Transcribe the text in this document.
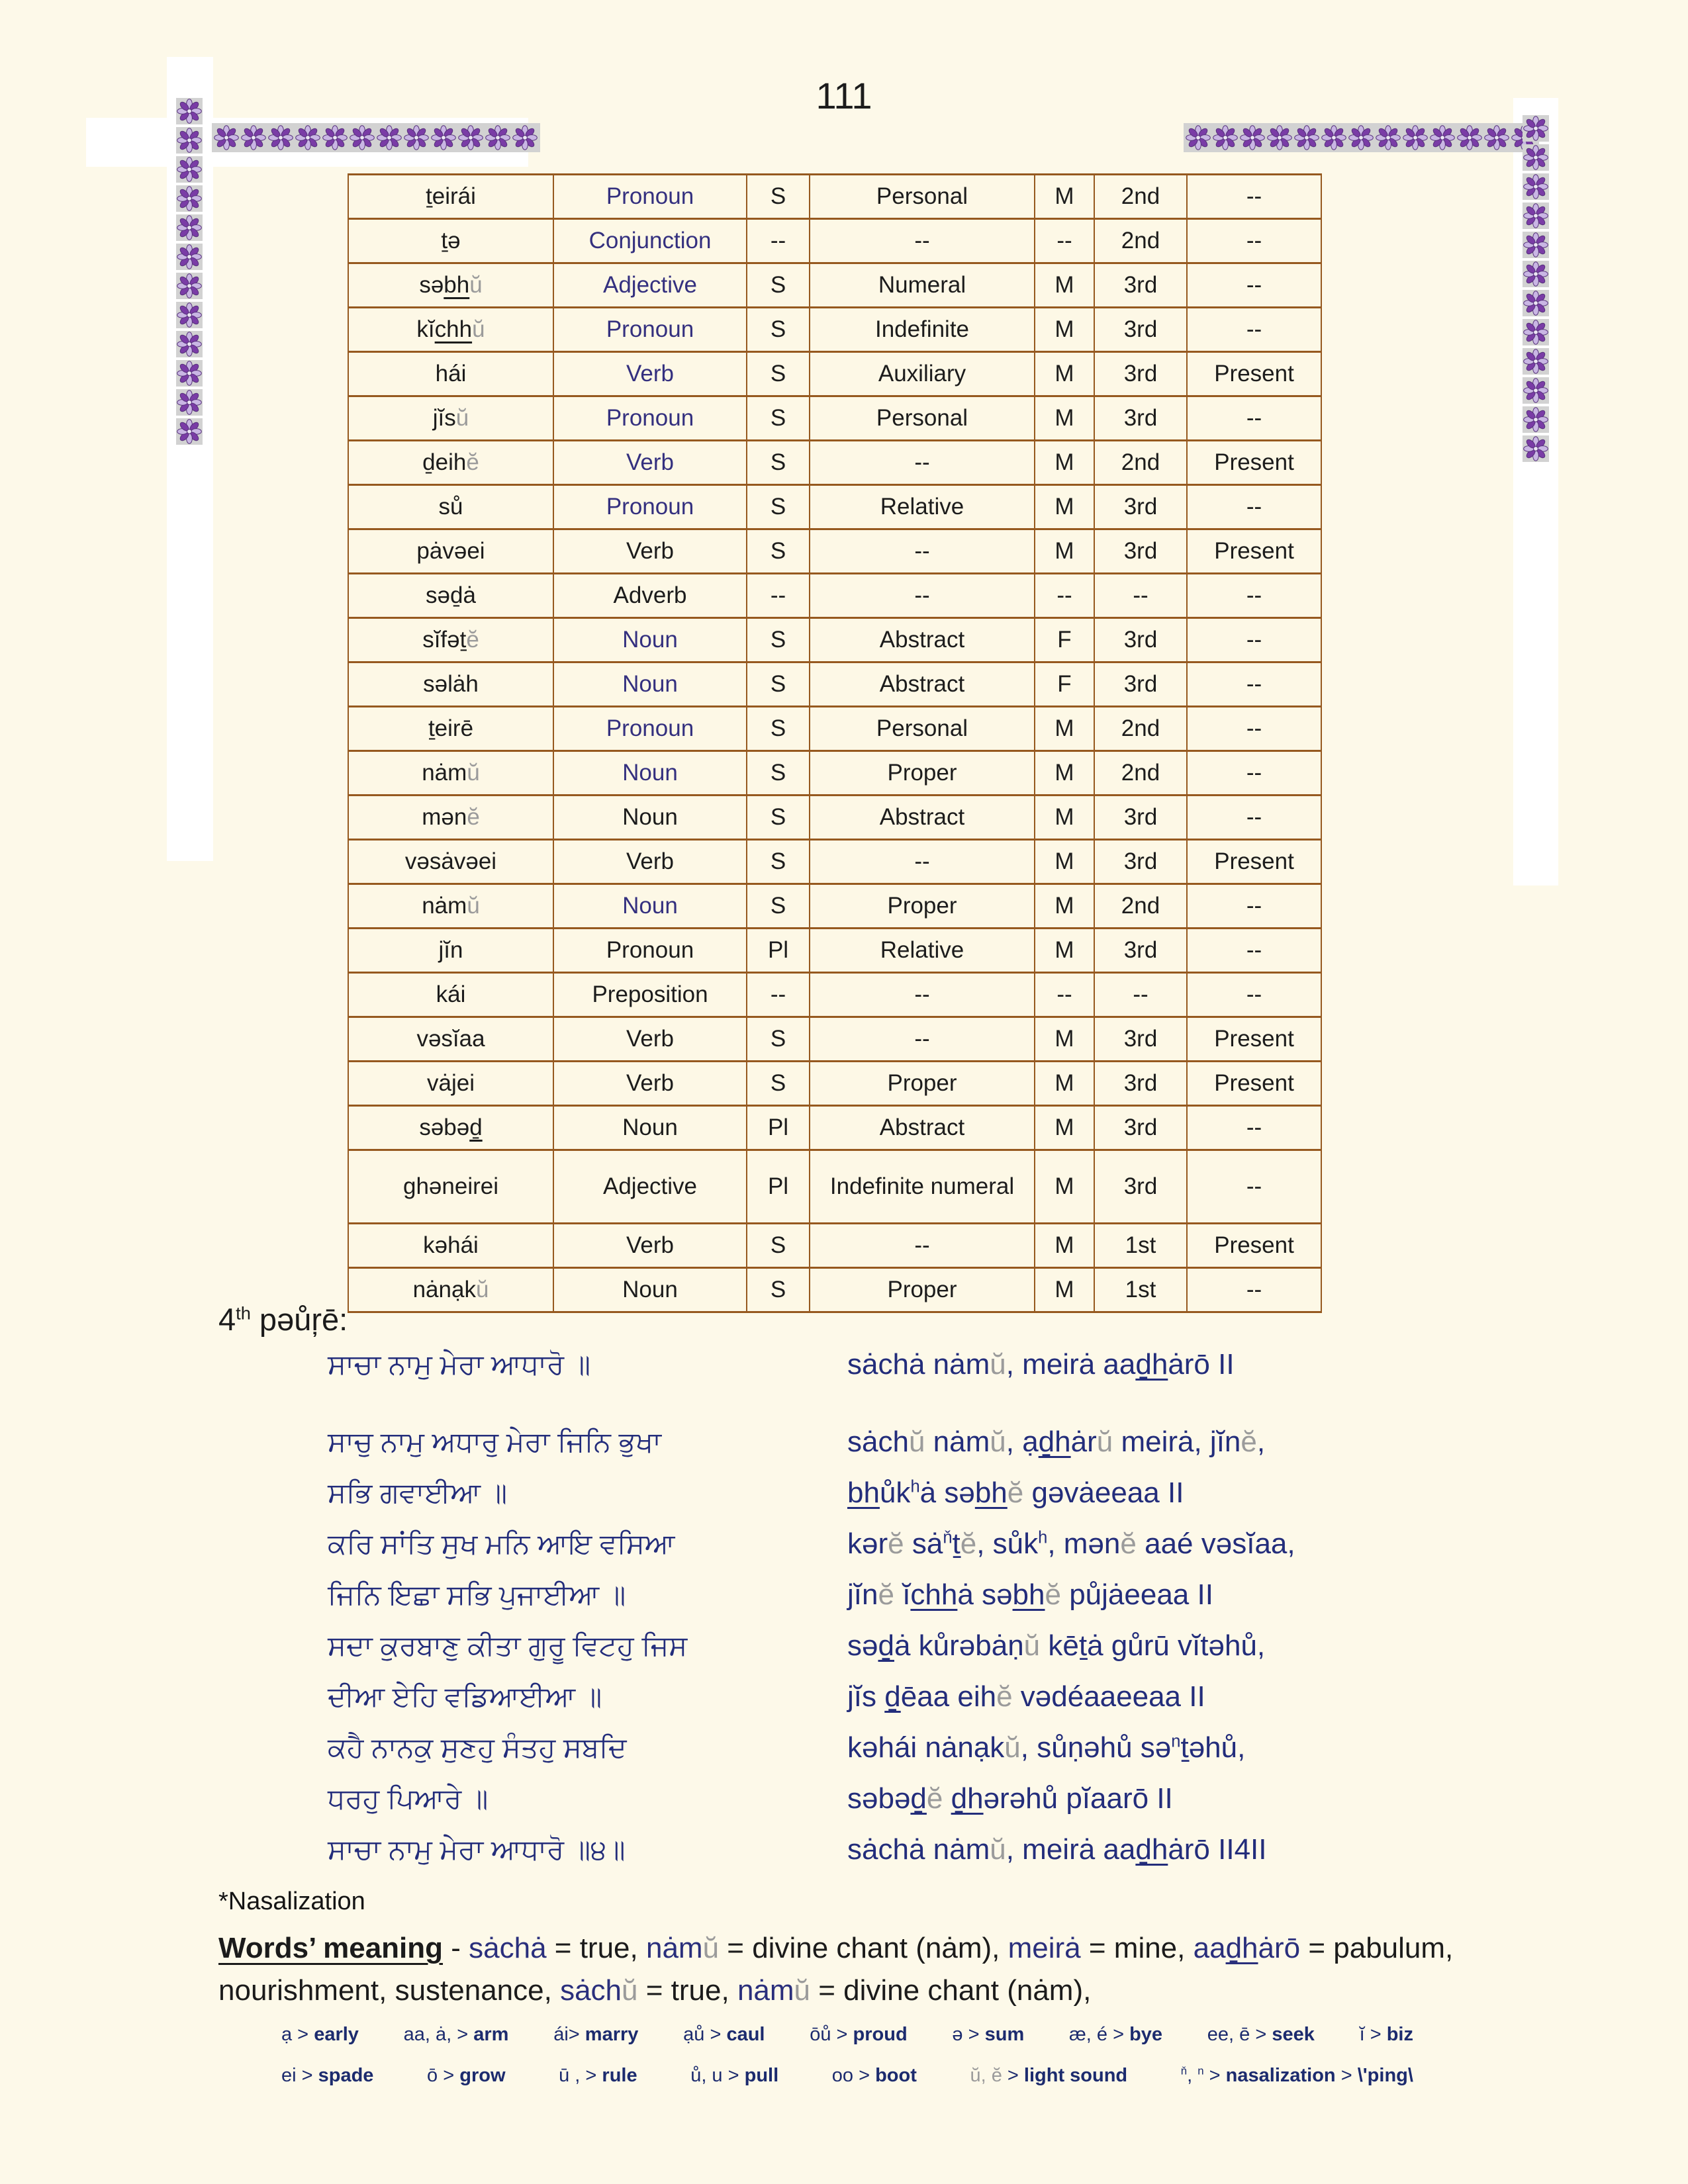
111
ṯeirái	Pronoun	S	Personal	M	2nd	--
ṯə	Conjunction	--	--	--	2nd	--
səbhŭ	Adjective	S	Numeral	M	3rd	--
kĭchhŭ	Pronoun	S	Indefinite	M	3rd	--
hái	Verb	S	Auxiliary	M	3rd	Present
jĭsŭ	Pronoun	S	Personal	M	3rd	--
ḏeihĕ	Verb	S	--	M	2nd	Present
sů	Pronoun	S	Relative	M	3rd	--
pȧvəei	Verb	S	--	M	3rd	Present
səḏȧ	Adverb	--	--	--	--	--
sĭfəṯĕ	Noun	S	Abstract	F	3rd	--
səlȧh	Noun	S	Abstract	F	3rd	--
ṯeirē	Pronoun	S	Personal	M	2nd	--
nȧmŭ	Noun	S	Proper	M	2nd	--
mənĕ	Noun	S	Abstract	M	3rd	--
vəsȧvəei	Verb	S	--	M	3rd	Present
nȧmŭ	Noun	S	Proper	M	2nd	--
jĭn	Pronoun	Pl	Relative	M	3rd	--
kái	Preposition	--	--	--	--	--
vəsĭaa	Verb	S	--	M	3rd	Present
vȧjei	Verb	S	Proper	M	3rd	Present
səbəḏ	Noun	Pl	Abstract	M	3rd	--
ghəneirei	Adjective	Pl	Indefinite numeral	M	3rd	--
kəhái	Verb	S	--	M	1st	Present
nȧnạkŭ	Noun	S	Proper	M	1st	--
4th pəůŗē:
ਸਾਚਾ ਨਾਮੁ ਮੇਰਾ ਆਧਾਰੋ ॥	sȧchȧ nȧmŭ, meirȧ aaḏhȧrō II
ਸਾਚੁ ਨਾਮੁ ਅਧਾਰੁ ਮੇਰਾ ਜਿਨਿ ਭੁਖਾ	sȧchŭ nȧmŭ, ạḏhȧrŭ meirȧ, jĭnĕ,
ਸਭਿ ਗਵਾਈਆ ॥	bhůk$^h$ȧ səbhĕ gəvȧeeaa II
ਕਰਿ ਸਾਂਤਿ ਸੁਖ ਮਨਿ ਆਇ ਵਸਿਆ	kərĕ $sȧ^ňṯĕ$, sůk$^h$, mənĕ aaé vəsĭaa,
ਜਿਨਿ ਇਛਾ ਸਭਿ ਪੁਜਾਈਆ ॥	jĭnĕ ĭchhȧ səbhĕ půjȧeeaa II
ਸਦਾ ਕੁਰਬਾਣੁ ਕੀਤਾ ਗੁਰੂ ਵਿਟਹੁ ਜਿਸ	səḏȧ kůrəbȧṇŭ kēṯȧ gůrū vĭtəhů,
ਦੀਆ ਏਹਿ ਵਡਿਆਈਆ ॥	jĭs ḏēaa eihĕ vədéaaeeaa II
ਕਹੈ ਨਾਨਕੁ ਸੁਣਹੁ ਸੰਤਹੁ ਸਬਦਿ	kəhái nȧnạkŭ, sůṇəhů sə$^n$ṯəhů,
ਧਰਹੁ ਪਿਆਰੇ ॥	səbəḏĕ ḏhərəhů pĭaarō II
ਸਾਚਾ ਨਾਮੁ ਮੇਰਾ ਆਧਾਰੋ ॥੪॥	sȧchȧ nȧmŭ, meirȧ aaḏhȧrō II4II
*Nasalization
Words’ meaning - sȧchȧ = true, nȧmŭ = divine chant (nȧm), meirȧ = mine, aaḏhȧrō = pabulum, nourishment, sustenance, sȧchŭ = true, nȧmŭ = divine chant (nȧm),
ạ > early aa, ȧ, > arm ái> marry ạů > caul ōů > proud ə > sum æ, é > bye ee, ē > seek ĭ > biz
ei > spade	ō > grow	ū , > rule	ů, u > pull	oo > boot	ŭ, ĕ > light sound	$^ň$, $^n$ > nasalization > \'ping\
